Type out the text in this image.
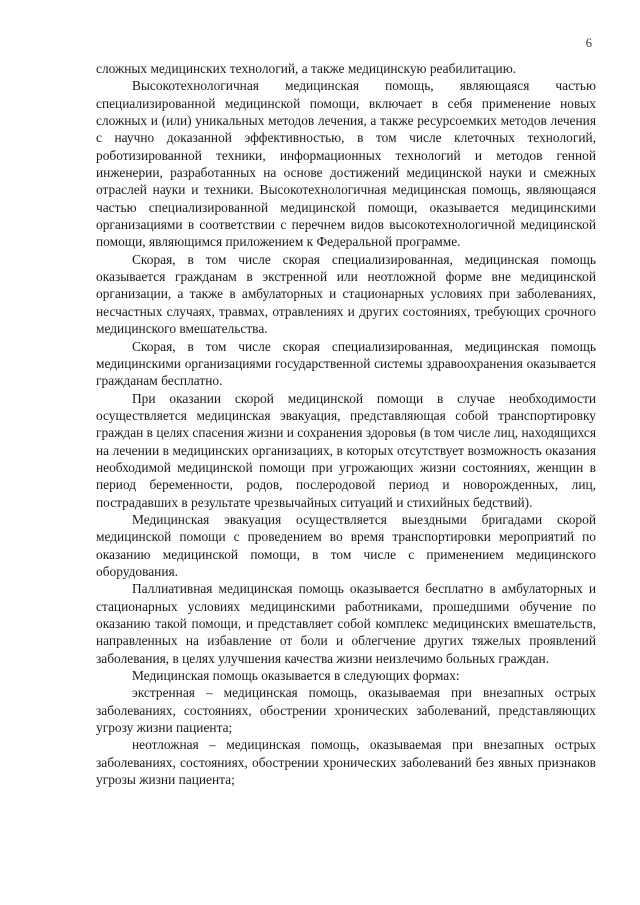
6

сложных медицинских технологий, а также медицинскую реабилитацию.

Высокотехнологичная медицинская помощь, являющаяся частью специализированной медицинской помощи, включает в себя применение новых сложных и (или) уникальных методов лечения, а также ресурсоемких методов лечения с научно доказанной эффективностью, в том числе клеточных технологий, роботизированной техники, информационных технологий и методов генной инженерии, разработанных на основе достижений медицинской науки и смежных отраслей науки и техники. Высокотехнологичная медицинская помощь, являющаяся частью специализированной медицинской помощи, оказывается медицинскими организациями в соответствии с перечнем видов высокотехнологичной медицинской помощи, являющимся приложением к Федеральной программе.

Скорая, в том числе скорая специализированная, медицинская помощь оказывается гражданам в экстренной или неотложной форме вне медицинской организации, а также в амбулаторных и стационарных условиях при заболеваниях, несчастных случаях, травмах, отравлениях и других состояниях, требующих срочного медицинского вмешательства.

Скорая, в том числе скорая специализированная, медицинская помощь медицинскими организациями государственной системы здравоохранения оказывается гражданам бесплатно.

При оказании скорой медицинской помощи в случае необходимости осуществляется медицинская эвакуация, представляющая собой транспортировку граждан в целях спасения жизни и сохранения здоровья (в том числе лиц, находящихся на лечении в медицинских организациях, в которых отсутствует возможность оказания необходимой медицинской помощи при угрожающих жизни состояниях, женщин в период беременности, родов, послеродовой период и новорожденных, лиц, пострадавших в результате чрезвычайных ситуаций и стихийных бедствий).

Медицинская эвакуация осуществляется выездными бригадами скорой медицинской помощи с проведением во время транспортировки мероприятий по оказанию медицинской помощи, в том числе с применением медицинского оборудования.

Паллиативная медицинская помощь оказывается бесплатно в амбулаторных и стационарных условиях медицинскими работниками, прошедшими обучение по оказанию такой помощи, и представляет собой комплекс медицинских вмешательств, направленных на избавление от боли и облегчение других тяжелых проявлений заболевания, в целях улучшения качества жизни неизлечимо больных граждан.

Медицинская помощь оказывается в следующих формах:

экстренная – медицинская помощь, оказываемая при внезапных острых заболеваниях, состояниях, обострении хронических заболеваний, представляющих угрозу жизни пациента;

неотложная – медицинская помощь, оказываемая при внезапных острых заболеваниях, состояниях, обострении хронических заболеваний без явных признаков угрозы жизни пациента;
